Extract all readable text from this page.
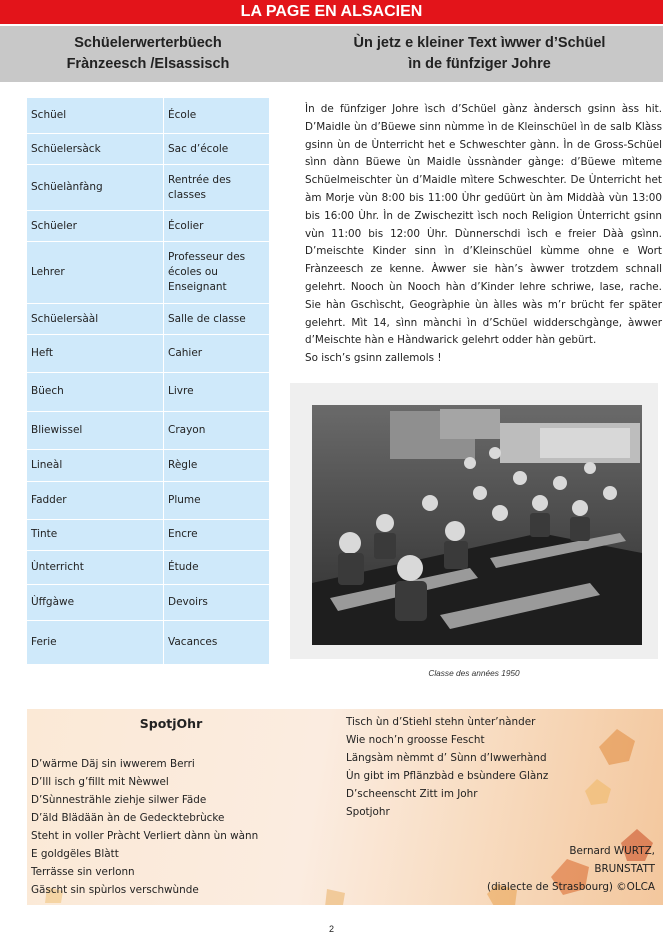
LA PAGE EN ALSACIEN
Schüelerwerterbüech
Frànzeesch /Elsassisch
Ùn jetz e kleiner Text ìwwer d’Schüel
ìn de fünfziger Johre
Schüel	École
Schüelersàck	Sac d’école
Schüelànfàng	Rentrée des classes
Schüeler	Écolier
Lehrer	Professeur des écoles ou Enseignant
Schüelersààl	Salle de classe
Heft	Cahier
Büech	Livre
Bliewissel	Crayon
Lineàl	Règle
Fadder	Plume
Tinte	Encre
Ùnterricht	Étude
Ùffgàwe	Devoirs
Ferie	Vacances

Ìn de fünfziger Johre ìsch d’Schüel gànz àndersch gsinn àss hit. D’Maidle ùn d’Büewe sinn nùmme ìn de Kleinschüel ìn de salb Klàss gsinn ùn de Ùnterricht het e Schweschter gànn. Ìn de Gross-Schüel sìnn dànn Büewe ùn Maidle ùssnànder gànge: d’Büewe mìteme Schüelmeischter ùn d’Maidle mìtere Schweschter. De Ùnterricht het àm Morje vùn 8:00 bis 11:00 Ùhr gedüürt ùn àm Middàà vùn 13:00 bis 16:00 Ùhr. Ìn de Zwischezitt ìsch noch Religion Ùnterricht gsinn vùn 11:00 bis 12:00 Ùhr. Dùnnerschdi ìsch e freier Dàà gsìnn. D’meischte Kinder sinn ìn d’Kleinschüel kùmme ohne e Wort Frànzeesch ze kenne. Àwwer sie hàn’s àwwer trotzdem schnall gelehrt. Nooch ùn Nooch hàn d’Kinder lehre schriwe, lase, rache. Sie hàn Gschìscht, Geogràphie ùn àlles wàs m’r brücht fer später gelehrt. Mìt 14, sìnn mànchi ìn d’Schüel widderschgànge, àwwer d’Meischte hàn e Hàndwarick gelehrt odder hàn gebürt.

So isch’s gsinn zallemols !

Classe des années 1950
SpotjOhr
D’wärme Däj sin iwwerem Berri
D’Ill isch g’fillt mit Nèwwel
D’Sùnnesträhle ziehje silwer Fäde
D’äld Blädään àn de Gedecktebrùcke
Steht in voller Pràcht Verliert dànn ùn wànn
E goldgëles Blàtt
Terrässe sin verlonn
Gäscht sin spùrlos verschwùnde
Tisch ùn d’Stiehl stehn ùnter’nànder
Wie noch’n groosse Fescht
Längsàm nèmmt d’ Sùnn d’Iwwerhànd
Ùn gibt im Pflänzbàd e bsùndere Glànz
D’scheenscht Zitt im Johr
Spotjohr
Bernard WURTZ,
BRUNSTATT
(dialecte de Strasbourg) ©OLCA
2
